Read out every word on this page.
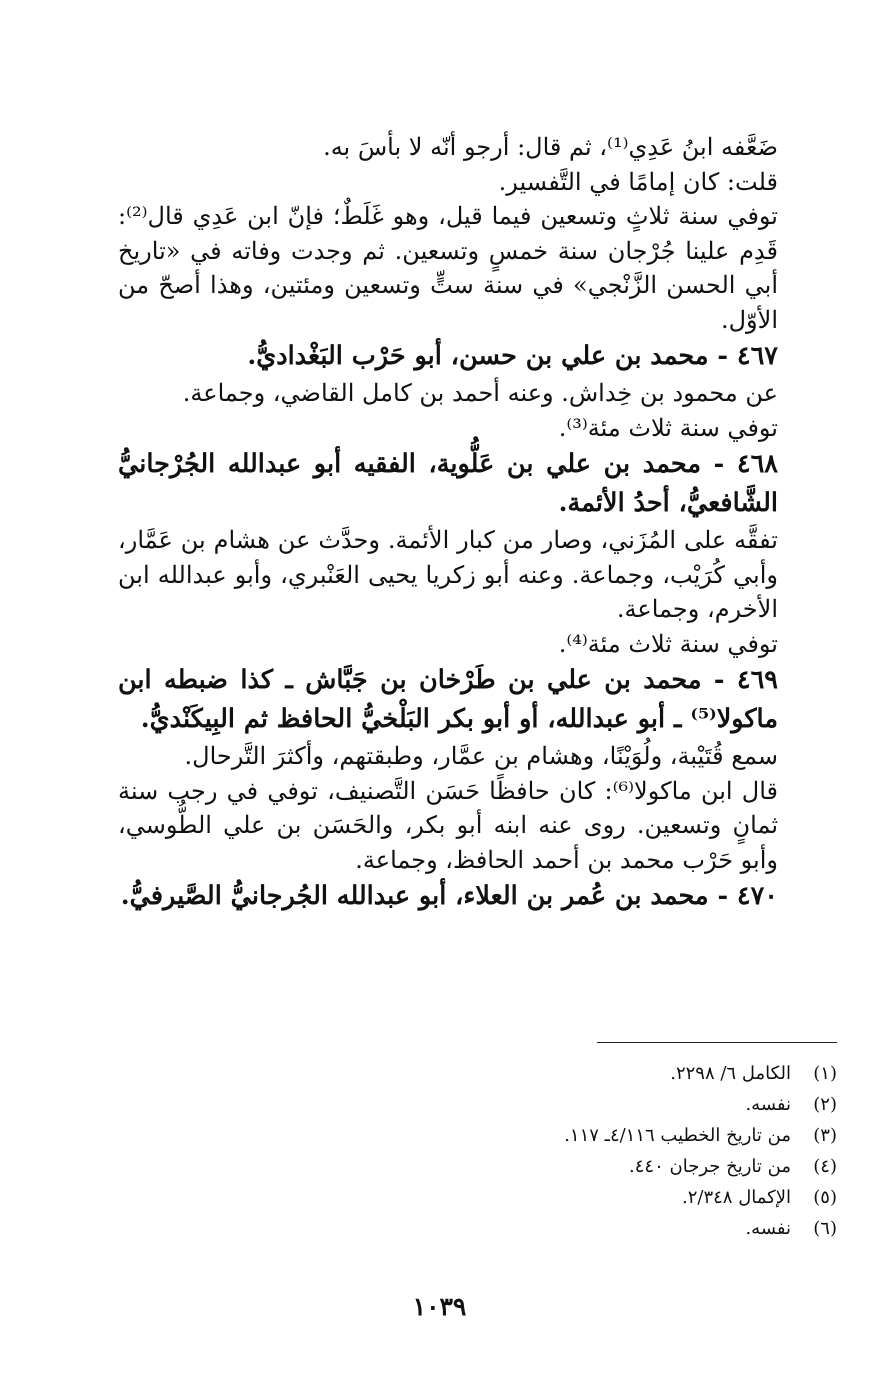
ضَعَّفه ابنُ عَدِي⁽¹⁾، ثم قال: أرجو أنّه لا بأسَ به.

قلت: كان إمامًا في التَّفسير.

توفي سنة ثلاثٍ وتسعين فيما قيل، وهو غَلَطٌ؛ فإنّ ابن عَدِي قال⁽²⁾: قَدِم علينا جُرْجان سنة خمسٍ وتسعين. ثم وجدت وفاته في «تاريخ أبي الحسن الزَّنْجي» في سنة ستٍّ وتسعين ومئتين، وهذا أصحّ من الأوّل.

٤٦٧ - محمد بن علي بن حسن، أبو حَرْب البَغْداديُّ.

عن محمود بن خِداش. وعنه أحمد بن كامل القاضي، وجماعة.

توفي سنة ثلاث مئة⁽³⁾.

٤٦٨ - محمد بن علي بن عَلُّوية، الفقيه أبو عبدالله الجُرْجانيُّ الشَّافعيُّ، أحدُ الأئمة.

تفقَّه على المُزَني، وصار من كبار الأئمة. وحدَّث عن هشام بن عَمَّار، وأبي كُرَيْب، وجماعة. وعنه أبو زكريا يحيى العَنْبري، وأبو عبدالله ابن الأخرم، وجماعة.

توفي سنة ثلاث مئة⁽⁴⁾.

٤٦٩ - محمد بن علي بن طَرْخان بن جَبَّاش ـ كذا ضبطه ابن ماكولا⁽⁵⁾ ـ أبو عبدالله، أو أبو بكر البَلْخيُّ الحافظ ثم البِيكَنْديُّ.

سمع قُتَيْبة، ولُوَيْنًا، وهشام بن عمَّار، وطبقتهم، وأكثرَ التَّرحال.

قال ابن ماكولا⁽⁶⁾: كان حافظًا حَسَن التَّصنيف، توفي في رجب سنة ثمانٍ وتسعين. روى عنه ابنه أبو بكر، والحَسَن بن علي الطُّوسي، وأبو حَرْب محمد بن أحمد الحافظ، وجماعة.

٤٧٠ - محمد بن عُمر بن العلاء، أبو عبدالله الجُرجانيُّ الصَّيرفيُّ.

(١)الكامل ٦/ ٢٢٩٨.

(٢)نفسه.

(٣)من تاريخ الخطيب ٤/١١٦ـ ١١٧.

(٤)من تاريخ جرجان ٤٤٠.

(٥)الإكمال ٢/٣٤٨.

(٦)نفسه.

١٠٣٩
